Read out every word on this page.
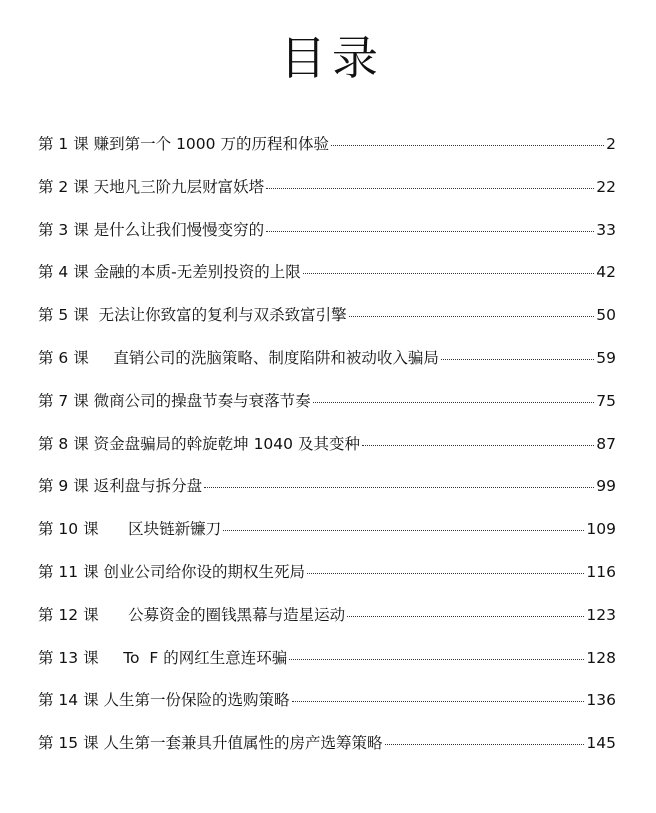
目录
第 1 课 赚到第一个 1000 万的历程和体验	2
第 2 课 天地凡三阶九层财富妖塔	22
第 3 课 是什么让我们慢慢变穷的	33
第 4 课 金融的本质-无差别投资的上限	42
第 5 课  无法让你致富的复利与双杀致富引擎	50
第 6 课     直销公司的洗脑策略、制度陷阱和被动收入骗局	59
第 7 课 微商公司的操盘节奏与衰落节奏	75
第 8 课 资金盘骗局的斡旋乾坤 1040 及其变种	87
第 9 课 返利盘与拆分盘	99
第 10 课      区块链新镰刀	109
第 11 课 创业公司给你设的期权生死局	116
第 12 课      公募资金的圈钱黑幕与造星运动	123
第 13 课     To  F 的网红生意连环骗	128
第 14 课 人生第一份保险的选购策略	136
第 15 课 人生第一套兼具升值属性的房产选筹策略	145
